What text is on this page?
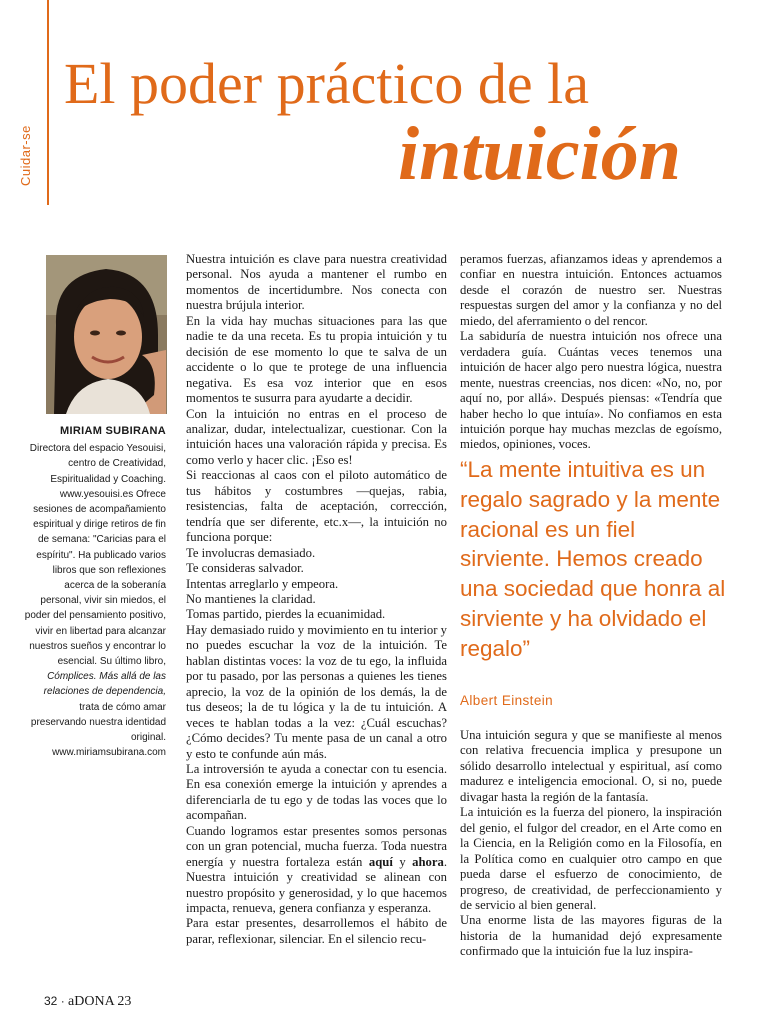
Cuidar-se
El poder práctico de la
intuición
MIRIAM SUBIRANA
Directora del espacio Yesouisi, centro de Creatividad, Espiritualidad y Coaching. www.yesouisi.es Ofrece sesiones de acompañamiento espiritual y dirige retiros de fin de semana: "Caricias para el espíritu". Ha publicado varios libros que son reflexiones acerca de la soberanía personal, vivir sin miedos, el poder del pensamiento positivo, vivir en libertad para alcanzar nuestros sueños y encontrar lo esencial. Su último libro, Cómplices. Más allá de las relaciones de dependencia, trata de cómo amar preservando nuestra identidad original.
www.miriamsubirana.com

Nuestra intuición es clave para nuestra creatividad personal. Nos ayuda a mantener el rumbo en momentos de incertidumbre. Nos conecta con nuestra brújula interior.

En la vida hay muchas situaciones para las que nadie te da una receta. Es tu propia intuición y tu decisión de ese momento lo que te salva de un accidente o lo que te protege de una influencia negativa. Es esa voz interior que en esos momentos te susurra para ayudarte a decidir.

Con la intuición no entras en el proceso de analizar, dudar, intelectualizar, cuestionar. Con la intuición haces una valoración rápida y precisa. Es como verlo y hacer clic. ¡Eso es!

Si reaccionas al caos con el piloto automático de tus hábitos y costumbres —quejas, rabia, resistencias, falta de aceptación, corrección, tendría que ser diferente, etc.x—, la intuición no funciona porque:

Te involucras demasiado.

Te consideras salvador.

Intentas arreglarlo y empeora.

No mantienes la claridad.

Tomas partido, pierdes la ecuanimidad.

Hay demasiado ruido y movimiento en tu interior y no puedes escuchar la voz de la intuición. Te hablan distintas voces: la voz de tu ego, la influida por tu pasado, por las personas a quienes les tienes aprecio, la voz de la opinión de los demás, la de tus deseos; la de tu lógica y la de tu intuición. A veces te hablan todas a la vez: ¿Cuál escuchas? ¿Cómo decides? Tu mente pasa de un canal a otro y esto te confunde aún más.

La introversión te ayuda a conectar con tu esencia. En esa conexión emerge la intuición y aprendes a diferenciarla de tu ego y de todas las voces que lo acompañan.

Cuando logramos estar presentes somos personas con un gran potencial, mucha fuerza. Toda nuestra energía y nuestra fortaleza están aquí y ahora. Nuestra intuición y creatividad se alinean con nuestro propósito y generosidad, y lo que hacemos impacta, renueva, genera confianza y esperanza.

Para estar presentes, desarrollemos el hábito de parar, reflexionar, silenciar. En el silencio recu-

peramos fuerzas, afianzamos ideas y aprendemos a confiar en nuestra intuición. Entonces actuamos desde el corazón de nuestro ser. Nuestras respuestas surgen del amor y la confianza y no del miedo, del aferramiento o del rencor.

La sabiduría de nuestra intuición nos ofrece una verdadera guía. Cuántas veces tenemos una intuición de hacer algo pero nuestra lógica, nuestra mente, nuestras creencias, nos dicen: «No, no, por aquí no, por allá». Después piensas: «Tendría que haber hecho lo que intuía». No confiamos en esta intuición porque hay muchas mezclas de egoísmo, miedos, opiniones, voces.

“La mente intuitiva es un regalo sagrado y la mente racional es un fiel sirviente. Hemos creado una sociedad que honra al sirviente y ha olvidado el regalo”
Albert Einstein

Una intuición segura y que se manifieste al menos con relativa frecuencia implica y presupone un sólido desarrollo intelectual y espiritual, así como madurez e inteligencia emocional. O, si no, puede divagar hasta la región de la fantasía.

La intuición es la fuerza del pionero, la inspiración del genio, el fulgor del creador, en el Arte como en la Ciencia, en la Religión como en la Filosofía, en la Política como en cualquier otro campo en que pueda darse el esfuerzo de conocimiento, de progreso, de creatividad, de perfeccionamiento y de servicio al bien general.

Una enorme lista de las mayores figuras de la historia de la humanidad dejó expresamente confirmado que la intuición fue la luz inspira-

32 · aDONA 23
